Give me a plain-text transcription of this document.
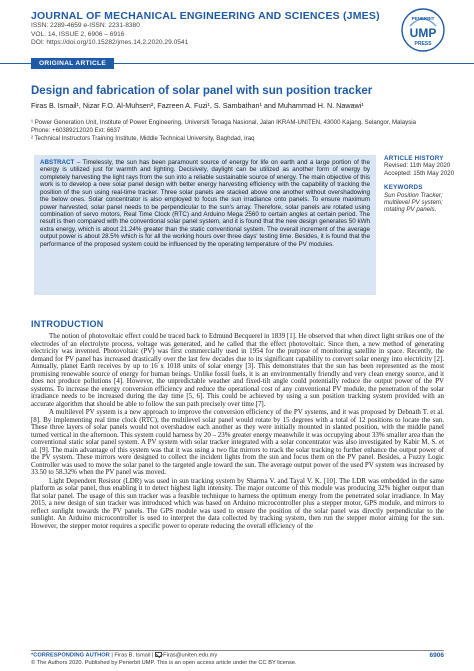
JOURNAL OF MECHANICAL ENGINEERING AND SCIENCES (JMES)
ISSN: 2289-4659 e-ISSN: 2231-8380
VOL. 14, ISSUE 2, 6906 – 6916
DOI: https://doi.org/10.15282/jmes.14.2.2020.29.0541
PENERBIT
UMP
PRESS
ORIGINAL ARTICLE
Design and fabrication of solar panel with sun position tracker
Firas B. Ismail¹, Nizar F.O. Al-Muhsen², Fazreen A. Fuzi¹, S. Sambathan¹ and Muhammad H. N. Nawawi¹

¹ Power Generation Unit, Institute of Power Engineering, Universiti Tenaga Nasional, Jalan IKRAM-UNITEN, 43000 Kajang, Selangor, Malaysia

Phone: +60389212020 Ext: 6637

² Technical Instructors Training Institute, Middle Technical University, Baghdad, Iraq

ABSTRACT – Timelessly, the sun has been paramount source of energy for life on earth and a large portion of the energy is utilized just for warmth and lighting. Decisively, daylight can be utilized as another form of energy by completely harvesting the light rays from the sun into a reliable sustainable source of energy. The main objective of this work is to develop a new solar panel design with better energy harvesting efficiency with the capability of tracking the position of the sun using real-time tracker. Three solar panels are stacked above one another without overshadowing the below ones. Solar concentrator is also employed to focus the sun irradiance onto panels. To ensure maximum power harvested, solar panel needs to be perpendicular to the sun's array. Therefore, solar panels are rotated using combination of servo motors, Real Time Clock (RTC) and Arduino Mega 2560 to certain angles at certain period. The result is then compared with the conventional solar panel system, and it is found that the new design generates 50 kWh extra energy, which is about 21.24% greater than the static conventional system. The overall increment of the average output power is about 28.5% which is for all the working hours over three days' testing time. Besides, it is found that the performance of the proposed system could be influenced by the operating temperature of the PV modules.
ARTICLE HISTORY
Revised: 11th May 2020
Accepted: 15th May 2020
KEYWORDS
Sun Position Tracker; multilevel PV system; rotating PV panels.
INTRODUCTION

The notion of photovoltaic effect could be traced back to Edmund Becquerel in 1839 [1]. He observed that when direct light strikes one of the electrodes of an electrolyte process, voltage was generated, and he called that the effect photovoltaic. Since then, a new method of generating electricity was invented. Photovoltaic (PV) was first commercially used in 1954 for the purpose of monitoring satellite in space. Recently, the demand for PV panel has increased drastically over the last few decades due to its significant capability to convert solar energy into electricity [2]. Annually, planet Earth receives by up to 16 x 1018 units of solar energy [3]. This demonstrates that the sun has been represented as the most promising renewable source of energy for human beings. Unlike fossil fuels, it is an environmentally friendly and very clean energy source, and it does not produce pollutions [4]. However, the unpredictable weather and fixed-tilt angle could potentially reduce the output power of the PV systems. To increase the energy conversion efficiency and reduce the operational cost of any conventional PV module, the penetration of the solar irradiance needs to be increased during the day time [5, 6]. This could be achieved by using a sun position tracking system provided with an accurate algorithm that should be able to follow the sun path precisely over time [7].

A multilevel PV system is a new approach to improve the conversion efficiency of the PV systems, and it was proposed by Debnath T. et al. [8]. By implementing real time clock (RTC), the multilevel solar panel would rotate by 15 degrees with a total of 12 positions to locate the sun. These three layers of solar panels would not overshadow each another as they were initially mounted in slanted position, with the middle panel turned vertical in the afternoon. This system could harness by 20 – 23% greater energy meanwhile it was occupying about 33% smaller area than the conventional static solar panel system. A PV system with solar tracker integrated with a solar concentrator was also investigated by Kabir M. S. et al. [9]. The main advantage of this system was that it was using a two flat mirrors to track the solar tracking to further enhance the output power of the PV system. These mirrors were designed to collect the incident lights from the sun and focus them on the PV panel. Besides, a Fuzzy Logic Controller was used to move the solar panel to the targeted angle toward the sun. The average output power of the used PV system was increased by 33.50 to 58.32% when the PV panel was moved.

Light Dependent Resistor (LDR) was used in sun tracking system by Sharma V. and Tayal V. K. [10]. The LDR was embedded in the same platform as solar panel, thus enabling it to detect highest light intensity. The major outcome of this module was producing 32% higher output than flat solar panel. The usage of this sun tracker was a feasible technique to harness the optimum energy from the penetrated solar irradiance. In May 2015, a new design of sun tracker was introduced which was based on Arduino microcontroller plus a stepper motor, GPS module, and mirrors to reflect sunlight towards the PV panels. The GPS module was used to ensure the position of the solar panel was directly perpendicular to the sunlight. An Arduino microcontroller is used to interpret the data collected by tracking system, then run the stepper motor aiming for the sun. However, the stepper motor requires a specific power to operate reducing the overall efficiency of the

*CORRESPONDING AUTHOR | Firas B. Ismail | Firas@uniten.edu.my
© The Authors 2020. Published by Penerbit UMP. This is an open access article under the CC BY license.
6906
